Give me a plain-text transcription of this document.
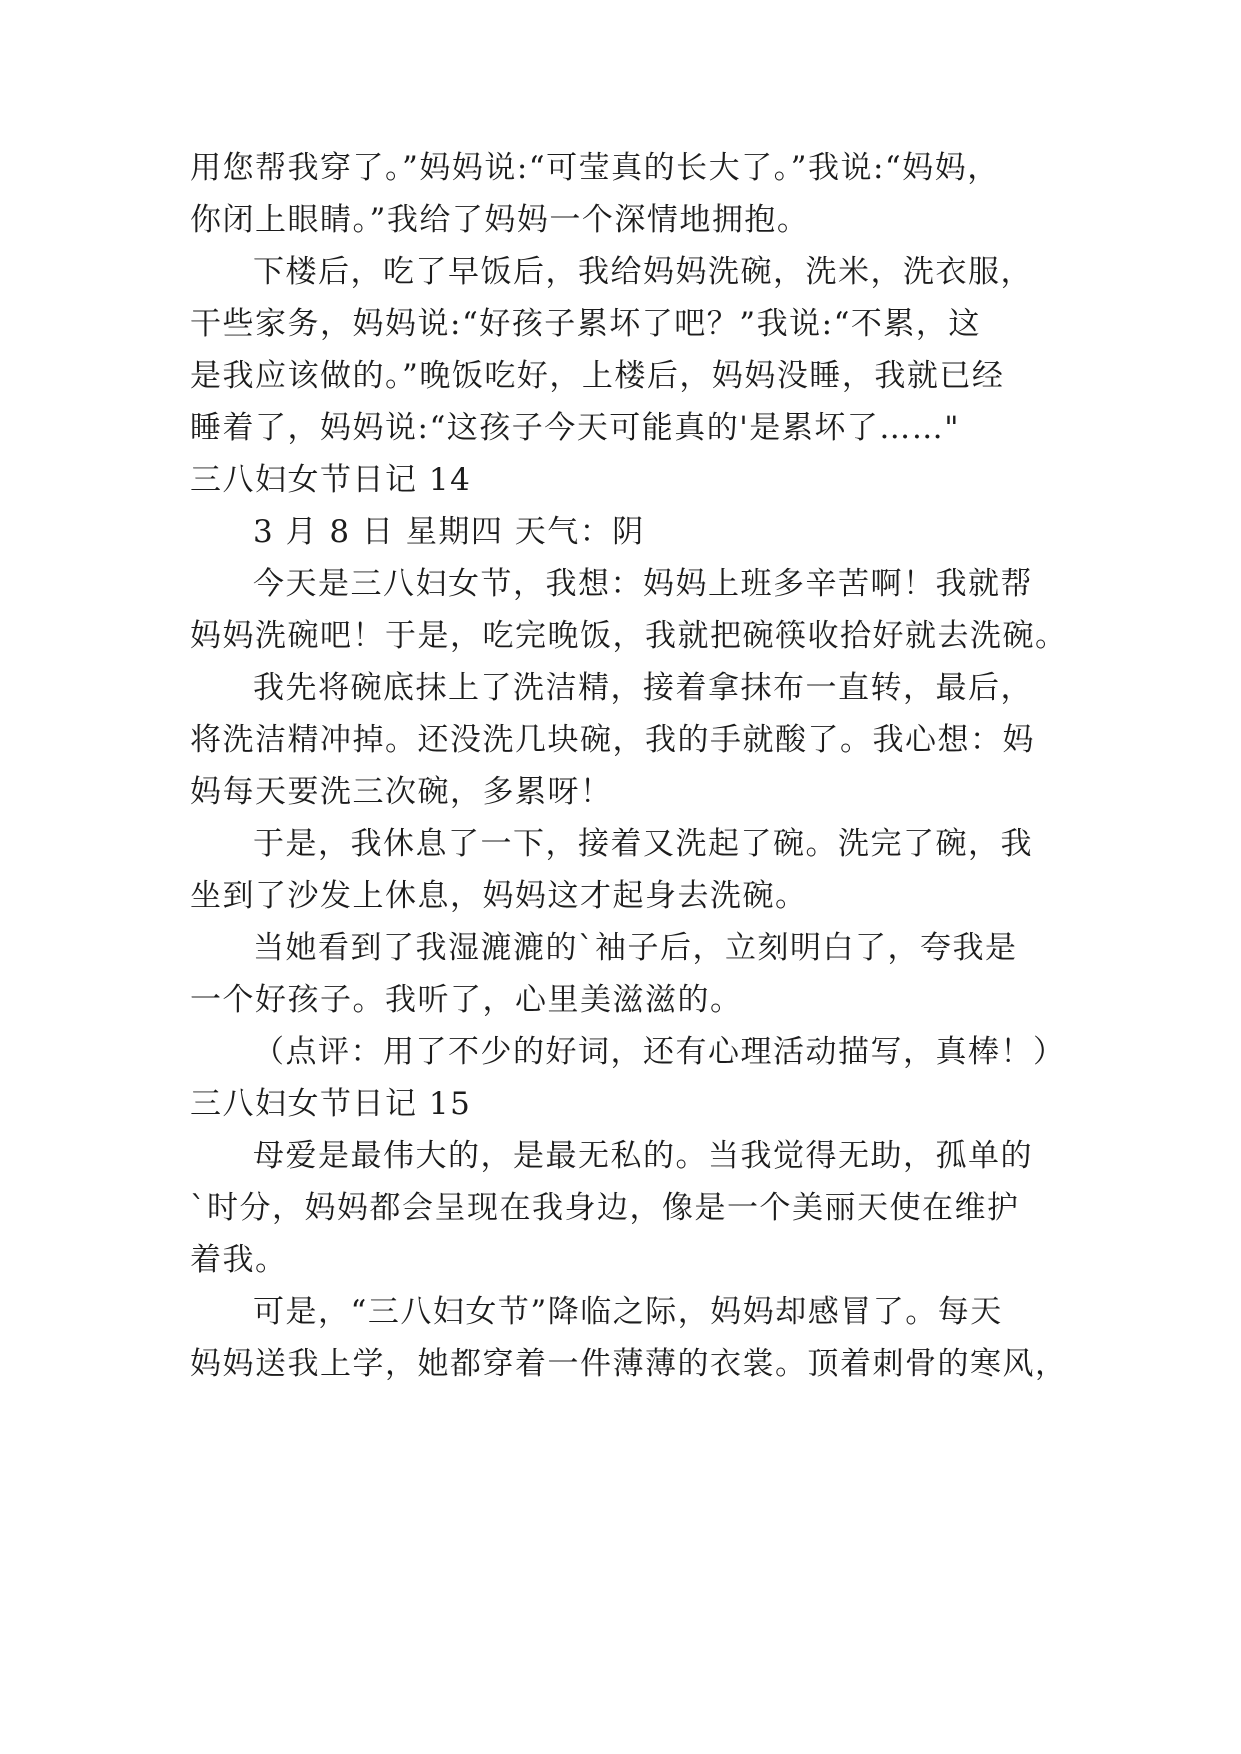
用您帮我穿了。”妈妈说:“可莹真的长大了。”我说:“妈妈，
你闭上眼睛。”我给了妈妈一个深情地拥抱。
下楼后，吃了早饭后，我给妈妈洗碗，洗米，洗衣服，
干些家务，妈妈说:“好孩子累坏了吧？”我说:“不累，这
是我应该做的。”晚饭吃好，上楼后，妈妈没睡，我就已经
睡着了，妈妈说:“这孩子今天可能真的'是累坏了……"
三八妇女节日记 14
3 月 8 日 星期四 天气：阴
今天是三八妇女节，我想：妈妈上班多辛苦啊！我就帮
妈妈洗碗吧！于是，吃完晚饭，我就把碗筷收拾好就去洗碗。
我先将碗底抹上了洗洁精，接着拿抹布一直转，最后，
将洗洁精冲掉。还没洗几块碗，我的手就酸了。我心想：妈
妈每天要洗三次碗，多累呀！
于是，我休息了一下，接着又洗起了碗。洗完了碗，我
坐到了沙发上休息，妈妈这才起身去洗碗。
当她看到了我湿漉漉的`袖子后，立刻明白了，夸我是
一个好孩子。我听了，心里美滋滋的。
（点评：用了不少的好词，还有心理活动描写，真棒！）
三八妇女节日记 15
母爱是最伟大的，是最无私的。当我觉得无助，孤单的
`时分，妈妈都会呈现在我身边，像是一个美丽天使在维护
着我。
可是，“三八妇女节”降临之际，妈妈却感冒了。每天
妈妈送我上学，她都穿着一件薄薄的衣裳。顶着刺骨的寒风，
